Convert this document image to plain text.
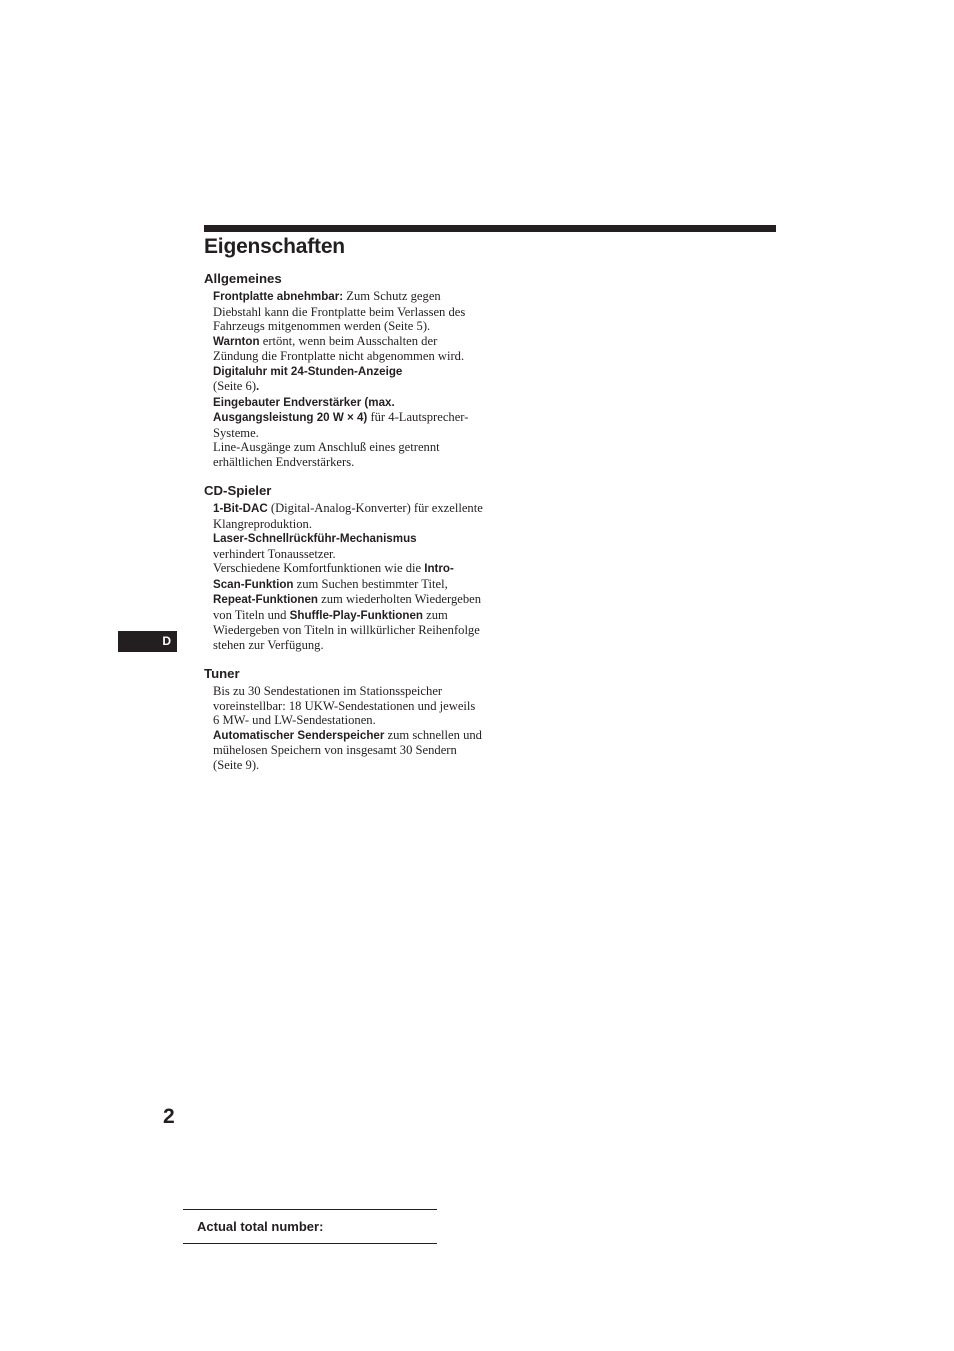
Eigenschaften
Allgemeines

Frontplatte abnehmbar: Zum Schutz gegen Diebstahl kann die Frontplatte beim Verlassen des Fahrzeugs mitgenommen werden (Seite 5).

Warnton ertönt, wenn beim Ausschalten der Zündung die Frontplatte nicht abgenommen wird.

Digitaluhr mit 24-Stunden-Anzeige
(Seite 6).

Eingebauter Endverstärker (max. Ausgangsleistung 20 W × 4) für 4-Lautsprecher-Systeme.

Line-Ausgänge zum Anschluß eines getrennt erhältlichen Endverstärkers.

CD-Spieler

1-Bit-DAC (Digital-Analog-Konverter) für exzellente Klangreproduktion.

Laser-Schnellrückführ-Mechanismus
verhindert Tonaussetzer.

Verschiedene Komfortfunktionen wie die Intro-Scan-Funktion zum Suchen bestimmter Titel, Repeat-Funktionen zum wiederholten Wiedergeben von Titeln und Shuffle-Play-Funktionen zum Wiedergeben von Titeln in willkürlicher Reihenfolge stehen zur Verfügung.

Tuner

Bis zu 30 Sendestationen im Stationsspeicher voreinstellbar: 18 UKW-Sendestationen und jeweils 6 MW- und LW-Sendestationen.

Automatischer Senderspeicher zum schnellen und mühelosen Speichern von insgesamt 30 Sendern (Seite 9).

D
2
Actual total number:
